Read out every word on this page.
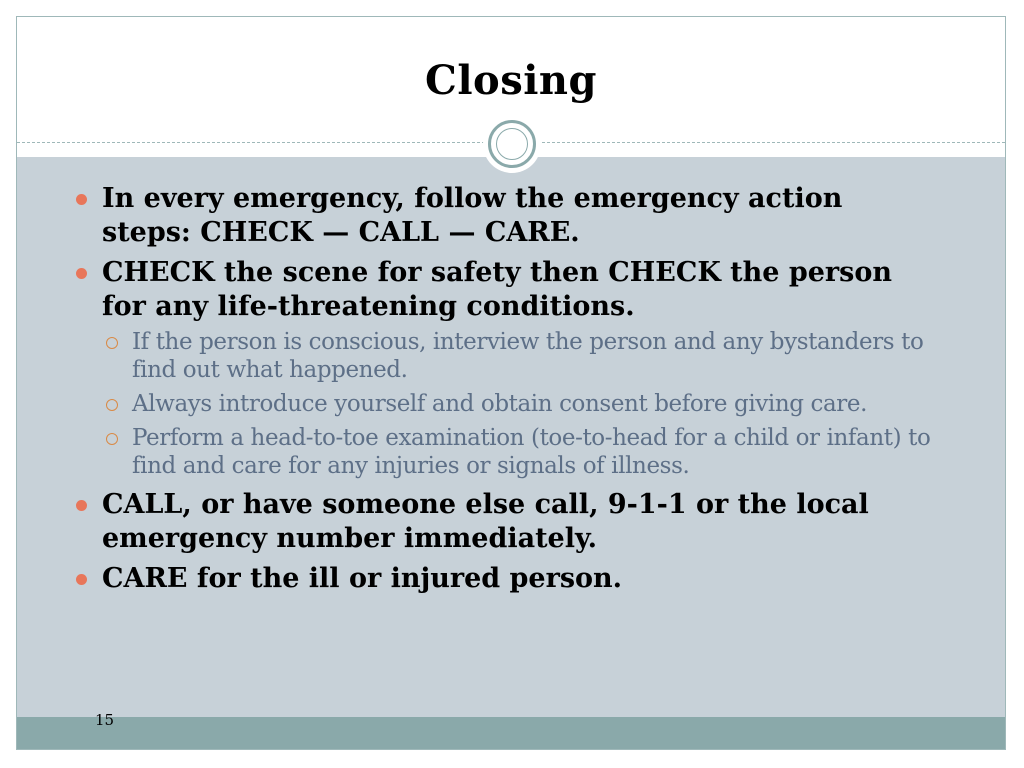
Closing
15
In every emergency, follow the emergency action steps: CHECK — CALL — CARE.
CHECK the scene for safety then CHECK the person for any life-threatening conditions.
If the person is conscious, interview the person and any bystanders to find out what happened.
Always introduce yourself and obtain consent before giving care.
Perform a head-to-toe examination (toe-to-head for a child or infant) to find and care for any injuries or signals of illness.
CALL, or have someone else call, 9-1-1 or the local emergency number immediately.
CARE for the ill or injured person.
